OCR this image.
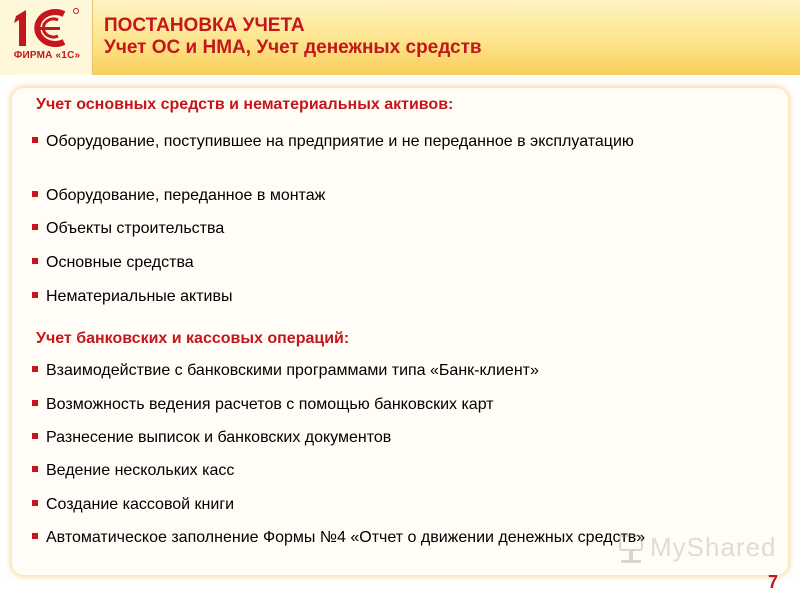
ФИРМА «1С»
ПОСТАНОВКА УЧЕТА
Учет ОС и НМА, Учет денежных средств
Учет основных средств и нематериальных активов:
Оборудование, поступившее на предприятие и не переданное в эксплуатацию
Оборудование, переданное в монтаж
Объекты строительства
Основные средства
Нематериальные активы
Учет банковских и кассовых операций:
Взаимодействие с банковскими программами типа «Банк-клиент»
Возможность ведения расчетов с помощью банковских карт
Разнесение выписок и банковских документов
Ведение нескольких касс
Создание кассовой книги
Автоматическое заполнение Формы №4 «Отчет о движении денежных средств» MyShared
7
